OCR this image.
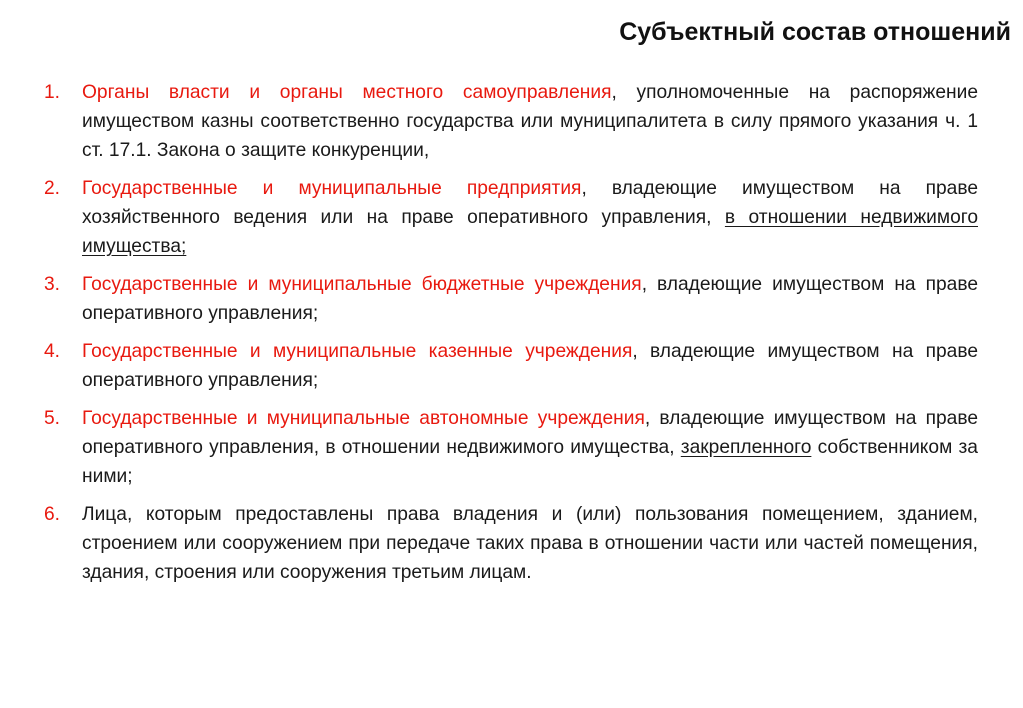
Субъектный состав отношений
1. Органы власти и органы местного самоуправления, уполномоченные на распоряжение имуществом казны соответственно государства или муниципалитета в силу прямого указания ч. 1 ст. 17.1. Закона о защите конкуренции,
2. Государственные и муниципальные предприятия, владеющие имуществом на праве хозяйственного ведения или на праве оперативного управления, в отношении недвижимого имущества;
3. Государственные и муниципальные бюджетные учреждения, владеющие имуществом на праве оперативного управления;
4. Государственные и муниципальные казенные учреждения, владеющие имуществом на праве оперативного управления;
5. Государственные и муниципальные автономные учреждения, владеющие имуществом на праве оперативного управления, в отношении недвижимого имущества, закрепленного собственником за ними;
6. Лица, которым предоставлены права владения и (или) пользования помещением, зданием, строением или сооружением при передаче таких права в отношении части или частей помещения, здания, строения или сооружения третьим лицам.
